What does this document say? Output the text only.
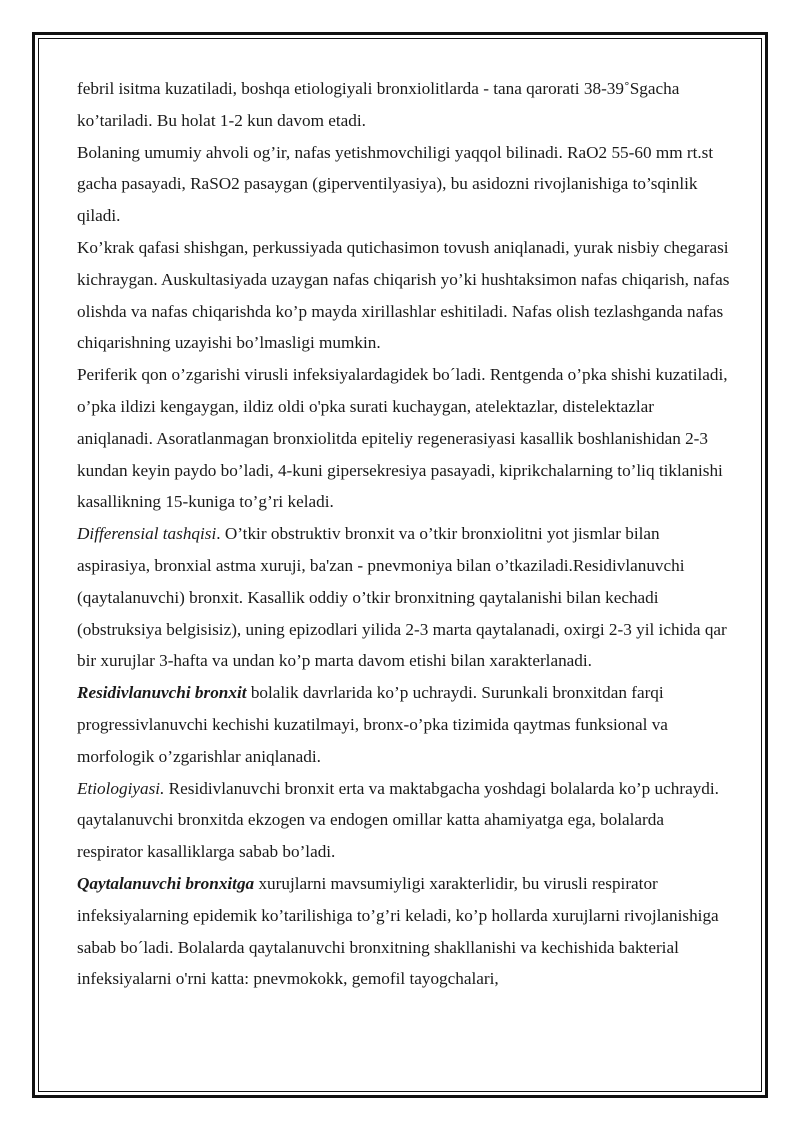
febril isitma kuzatiladi, boshqa etiologiyali bronxiolitlarda - tana qarorati 38-39˚Sgacha ko’tariladi. Bu holat 1-2 kun davom etadi.

Bolaning umumiy ahvoli og’ir, nafas yetishmovchiligi yaqqol bilinadi. RaO2 55-60 mm rt.st gacha pasayadi, RaSO2 pasaygan (giperventilyasiya), bu asidozni rivojlanishiga to’sqinlik qiladi.

Ko’krak qafasi shishgan, perkussiyada qutichasimon tovush aniqlanadi, yurak nisbiy chegarasi kichraygan. Auskultasiyada uzaygan nafas chiqarish yo’ki hushtaksimon nafas chiqarish, nafas olishda va nafas chiqarishda ko’p mayda xirillashlar eshitiladi. Nafas olish tezlashganda nafas chiqarishning uzayishi bo’lmasligi mumkin.

Periferik qon o’zgarishi virusli infeksiyalardagidek bo´ladi. Rentgenda o’pka shishi kuzatiladi, o’pka ildizi kengaygan, ildiz oldi o'pka surati kuchaygan, atelektazlar, distelektazlar aniqlanadi. Asoratlanmagan bronxiolitda epiteliy regenerasiyasi kasallik boshlanishidan 2-3 kundan keyin paydo bo’ladi, 4-kuni gipersekresiya pasayadi, kiprikchalarning to’liq tiklanishi kasallikning 15-kuniga to’g’ri keladi.

Differensial tashqisi. O’tkir obstruktiv bronxit va o’tkir bronxiolitni yot jismlar bilan aspirasiya, bronxial astma xuruji, ba'zan - pnevmoniya bilan o’tkaziladi.Residivlanuvchi (qaytalanuvchi) bronxit. Kasallik oddiy o’tkir bronxitning qaytalanishi bilan kechadi (obstruksiya belgisisiz), uning epizodlari yilida 2-3 marta qaytalanadi, oxirgi 2-3 yil ichida qar bir xurujlar 3-hafta va undan ko’p marta davom etishi bilan xarakterlanadi.

Residivlanuvchi bronxit bolalik davrlarida ko’p uchraydi. Surunkali bronxitdan farqi progressivlanuvchi kechishi kuzatilmayi, bronx-o’pka tizimida qaytmas funksional va morfologik o’zgarishlar aniqlanadi.

Etiologiyasi. Residivlanuvchi bronxit erta va maktabgacha yoshdagi bolalarda ko’p uchraydi. qaytalanuvchi bronxitda ekzogen va endogen omillar katta ahamiyatga ega, bolalarda respirator kasalliklarga sabab bo’ladi.

Qaytalanuvchi bronxitga xurujlarni mavsumiyligi xarakterlidir, bu virusli respirator infeksiyalarning epidemik ko’tarilishiga to’g’ri keladi, ko’p hollarda xurujlarni rivojlanishiga sabab bo´ladi. Bolalarda qaytalanuvchi bronxitning shakllanishi va kechishida bakterial infeksiyalarni o'rni katta: pnevmokokk, gemofil tayogchalari,
